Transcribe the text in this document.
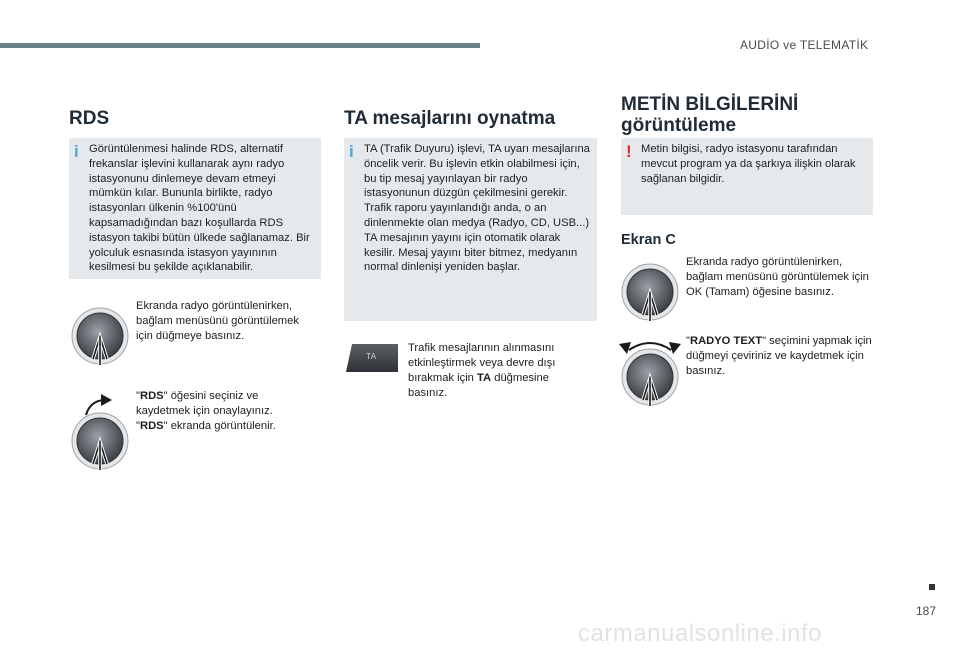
AUDİO ve TELEMATİK
RDS
i Görüntülenmesi halinde RDS, alternatif frekanslar işlevini kullanarak aynı radyo istasyonunu dinlemeye devam etmeyi mümkün kılar. Bununla birlikte, radyo istasyonları ülkenin %100'ünü kapsamadığından bazı koşullarda RDS istasyon takibi bütün ülkede sağlanamaz. Bir yolculuk esnasında istasyon yayınının kesilmesi bu şekilde açıklanabilir.
Ekranda radyo görüntülenirken, bağlam menüsünü görüntülemek için düğmeye basınız.
"RDS" öğesini seçiniz ve kaydetmek için onaylayınız.
"RDS" ekranda görüntülenir.
TA mesajlarını oynatma
i TA (Trafik Duyuru) işlevi, TA uyarı mesajlarına öncelik verir. Bu işlevin etkin olabilmesi için, bu tip mesaj yayınlayan bir radyo istasyonunun düzgün çekilmesini gerekir. Trafik raporu yayınlandığı anda, o an dinlenmekte olan medya (Radyo, CD, USB...) TA mesajının yayını için otomatik olarak kesilir. Mesaj yayını biter bitmez, medyanın normal dinlenişi yeniden başlar.
TA
Trafik mesajlarının alınmasını etkinleştirmek veya devre dışı bırakmak için TA düğmesine basınız.
METİN BİLGİLERİNİ
görüntüleme
! Metin bilgisi, radyo istasyonu tarafından mevcut program ya da şarkıya ilişkin olarak sağlanan bilgidir.
Ekran C
Ekranda radyo görüntülenirken, bağlam menüsünü görüntülemek için OK (Tamam) öğesine basınız.
"RADYO TEXT" seçimini yapmak için düğmeyi çeviriniz ve kaydetmek için basınız.
187
carmanualsonline.info
